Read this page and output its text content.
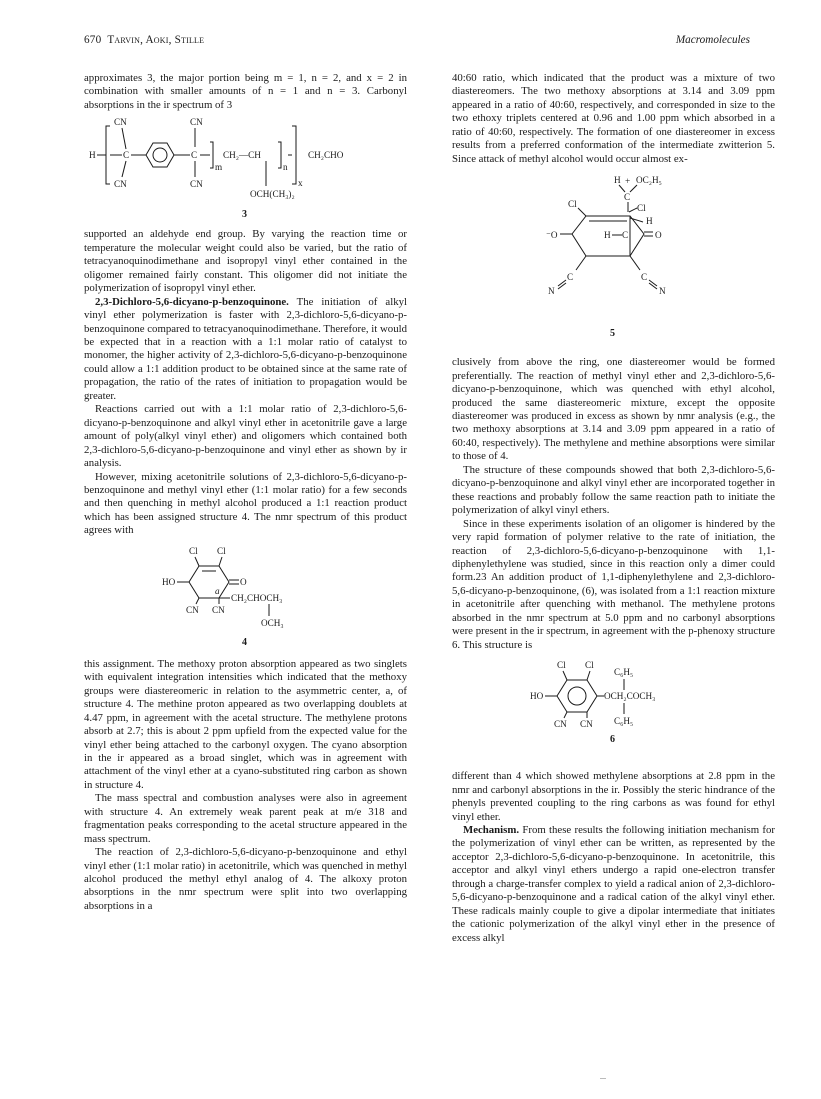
670 Tarvin, Aoki, Stille	Macromolecules

approximates 3, the major portion being m = 1, n = 2, and x = 2 in combination with smaller amounts of n = 1 and n = 3. Carbonyl absorptions in the ir spectrum of 3

H
CN
C
CN
CN
C
CN
m
CH₂—CH
OCH(CH₃)₂
n
x
CH₂CHO
3

supported an aldehyde end group. By varying the reaction time or temperature the molecular weight could also be varied, but the ratio of tetracyanoquinodimethane and isopropyl vinyl ether contained in the oligomer remained fairly constant. This oligomer did not initiate the polymerization of isopropyl vinyl ether.

2,3-Dichloro-5,6-dicyano-p-benzoquinone. The initiation of alkyl vinyl ether polymerization is faster with 2,3-dichloro-5,6-dicyano-p-benzoquinone compared to tetracyanoquinodimethane. Therefore, it would be expected that in a reaction with a 1:1 molar ratio of catalyst to monomer, the higher activity of 2,3-dichloro-5,6-dicyano-p-benzoquinone could allow a 1:1 addition product to be obtained since at the same rate of propagation, the ratio of the rates of initiation to propagation would be greater.

Reactions carried out with a 1:1 molar ratio of 2,3-dichloro-5,6-dicyano-p-benzoquinone and alkyl vinyl ether in acetonitrile gave a large amount of poly(alkyl vinyl ether) and oligomers which contained both 2,3-dichloro-5,6-dicyano-p-benzoquinone and vinyl ether as shown by ir analysis.

However, mixing acetonitrile solutions of 2,3-dichloro-5,6-dicyano-p-benzoquinone and methyl vinyl ether (1:1 molar ratio) for a few seconds and then quenching in methyl alcohol produced a 1:1 reaction product which has been assigned structure 4. The nmr spectrum of this product agrees with

Cl Cl
HO	O
a
CH₂CHOCH₃
OCH₃
CN CN
4

this assignment. The methoxy proton absorption appeared as two singlets with equivalent integration intensities which indicated that the methoxy groups were diastereomeric in relation to the asymmetric center, a, of structure 4. The methine proton appeared as two overlapping doublets at 4.47 ppm, in agreement with the acetal structure. The methylene protons absorb at 2.7; this is about 2 ppm upfield from the expected value for the vinyl ether being attached to the carbonyl oxygen. The cyano absorption in the ir appeared as a broad singlet, which was in agreement with attachment of the vinyl ether at a cyano-substituted ring carbon as shown in structure 4.

The mass spectral and combustion analyses were also in agreement with structure 4. An extremely weak parent peak at m/e 318 and fragmentation peaks corresponding to the acetal structure appeared in the mass spectrum.

The reaction of 2,3-dichloro-5,6-dicyano-p-benzoquinone and ethyl vinyl ether (1:1 molar ratio) in acetonitrile, which was quenched in methyl alcohol produced the methyl ethyl analog of 4. The alkoxy proton absorptions in the nmr spectrum were split into two overlapping absorptions in a

40:60 ratio, which indicated that the product was a mixture of two diastereomers. The two methoxy absorptions at 3.14 and 3.09 ppm appeared in a ratio of 40:60, respectively, and corresponded in size to the two ethoxy triplets centered at 0.96 and 1.00 ppm which absorbed in a ratio of 40:60, respectively. The formation of one diastereomer in excess results from a preferred conformation of the intermediate zwitterion 5. Since attack of methyl alcohol would occur almost ex-

H + OC₂H₅
C
Cl	Cl
H
⁻O	H C	O
C
N
C
N
5

clusively from above the ring, one diastereomer would be formed preferentially. The reaction of methyl vinyl ether and 2,3-dichloro-5,6-dicyano-p-benzoquinone, which was quenched with ethyl alcohol, produced the same diastereomeric mixture, except the opposite diastereomer was produced in excess as shown by nmr analysis (e.g., the two methoxy absorptions at 3.14 and 3.09 ppm appeared in a ratio of 60:40, respectively). The methylene and methine absorptions were similar to those of 4.

The structure of these compounds showed that both 2,3-dichloro-5,6-dicyano-p-benzoquinone and alkyl vinyl ether are incorporated together in these reactions and probably follow the same reaction path to initiate the polymerization of alkyl vinyl ethers.

Since in these experiments isolation of an oligomer is hindered by the very rapid formation of polymer relative to the rate of initiation, the reaction of 2,3-dichloro-5,6-dicyano-p-benzoquinone with 1,1-diphenylethylene was studied, since in this reaction only a dimer could form.23 An addition product of 1,1-diphenylethylene and 2,3-dichloro-5,6-dicyano-p-benzoquinone, (6), was isolated from a 1:1 reaction mixture in acetonitrile after quenching with methanol. The methylene protons absorbed in the nmr spectrum at 5.0 ppm and no carbonyl absorptions were present in the ir spectrum, in agreement with the p-phenoxy structure 6. This structure is

Cl Cl
HO
C₆H₅
OCH₂COCH₃
C₆H₅
CN CN
6

different than 4 which showed methylene absorptions at 2.8 ppm in the nmr and carbonyl absorptions in the ir. Possibly the steric hindrance of the phenyls prevented coupling to the ring carbons as was found for ethyl vinyl ether.

Mechanism. From these results the following initiation mechanism for the polymerization of vinyl ether can be written, as represented by the acceptor 2,3-dichloro-5,6-dicyano-p-benzoquinone. In acetonitrile, this acceptor and alkyl vinyl ethers undergo a rapid one-electron transfer through a charge-transfer complex to yield a radical anion of 2,3-dichloro-5,6-dicyano-p-benzoquinone and a radical cation of the alkyl vinyl ether. These radicals mainly couple to give a dipolar intermediate that initiates the cationic polymerization of the alkyl vinyl ether in the presence of excess alkyl
